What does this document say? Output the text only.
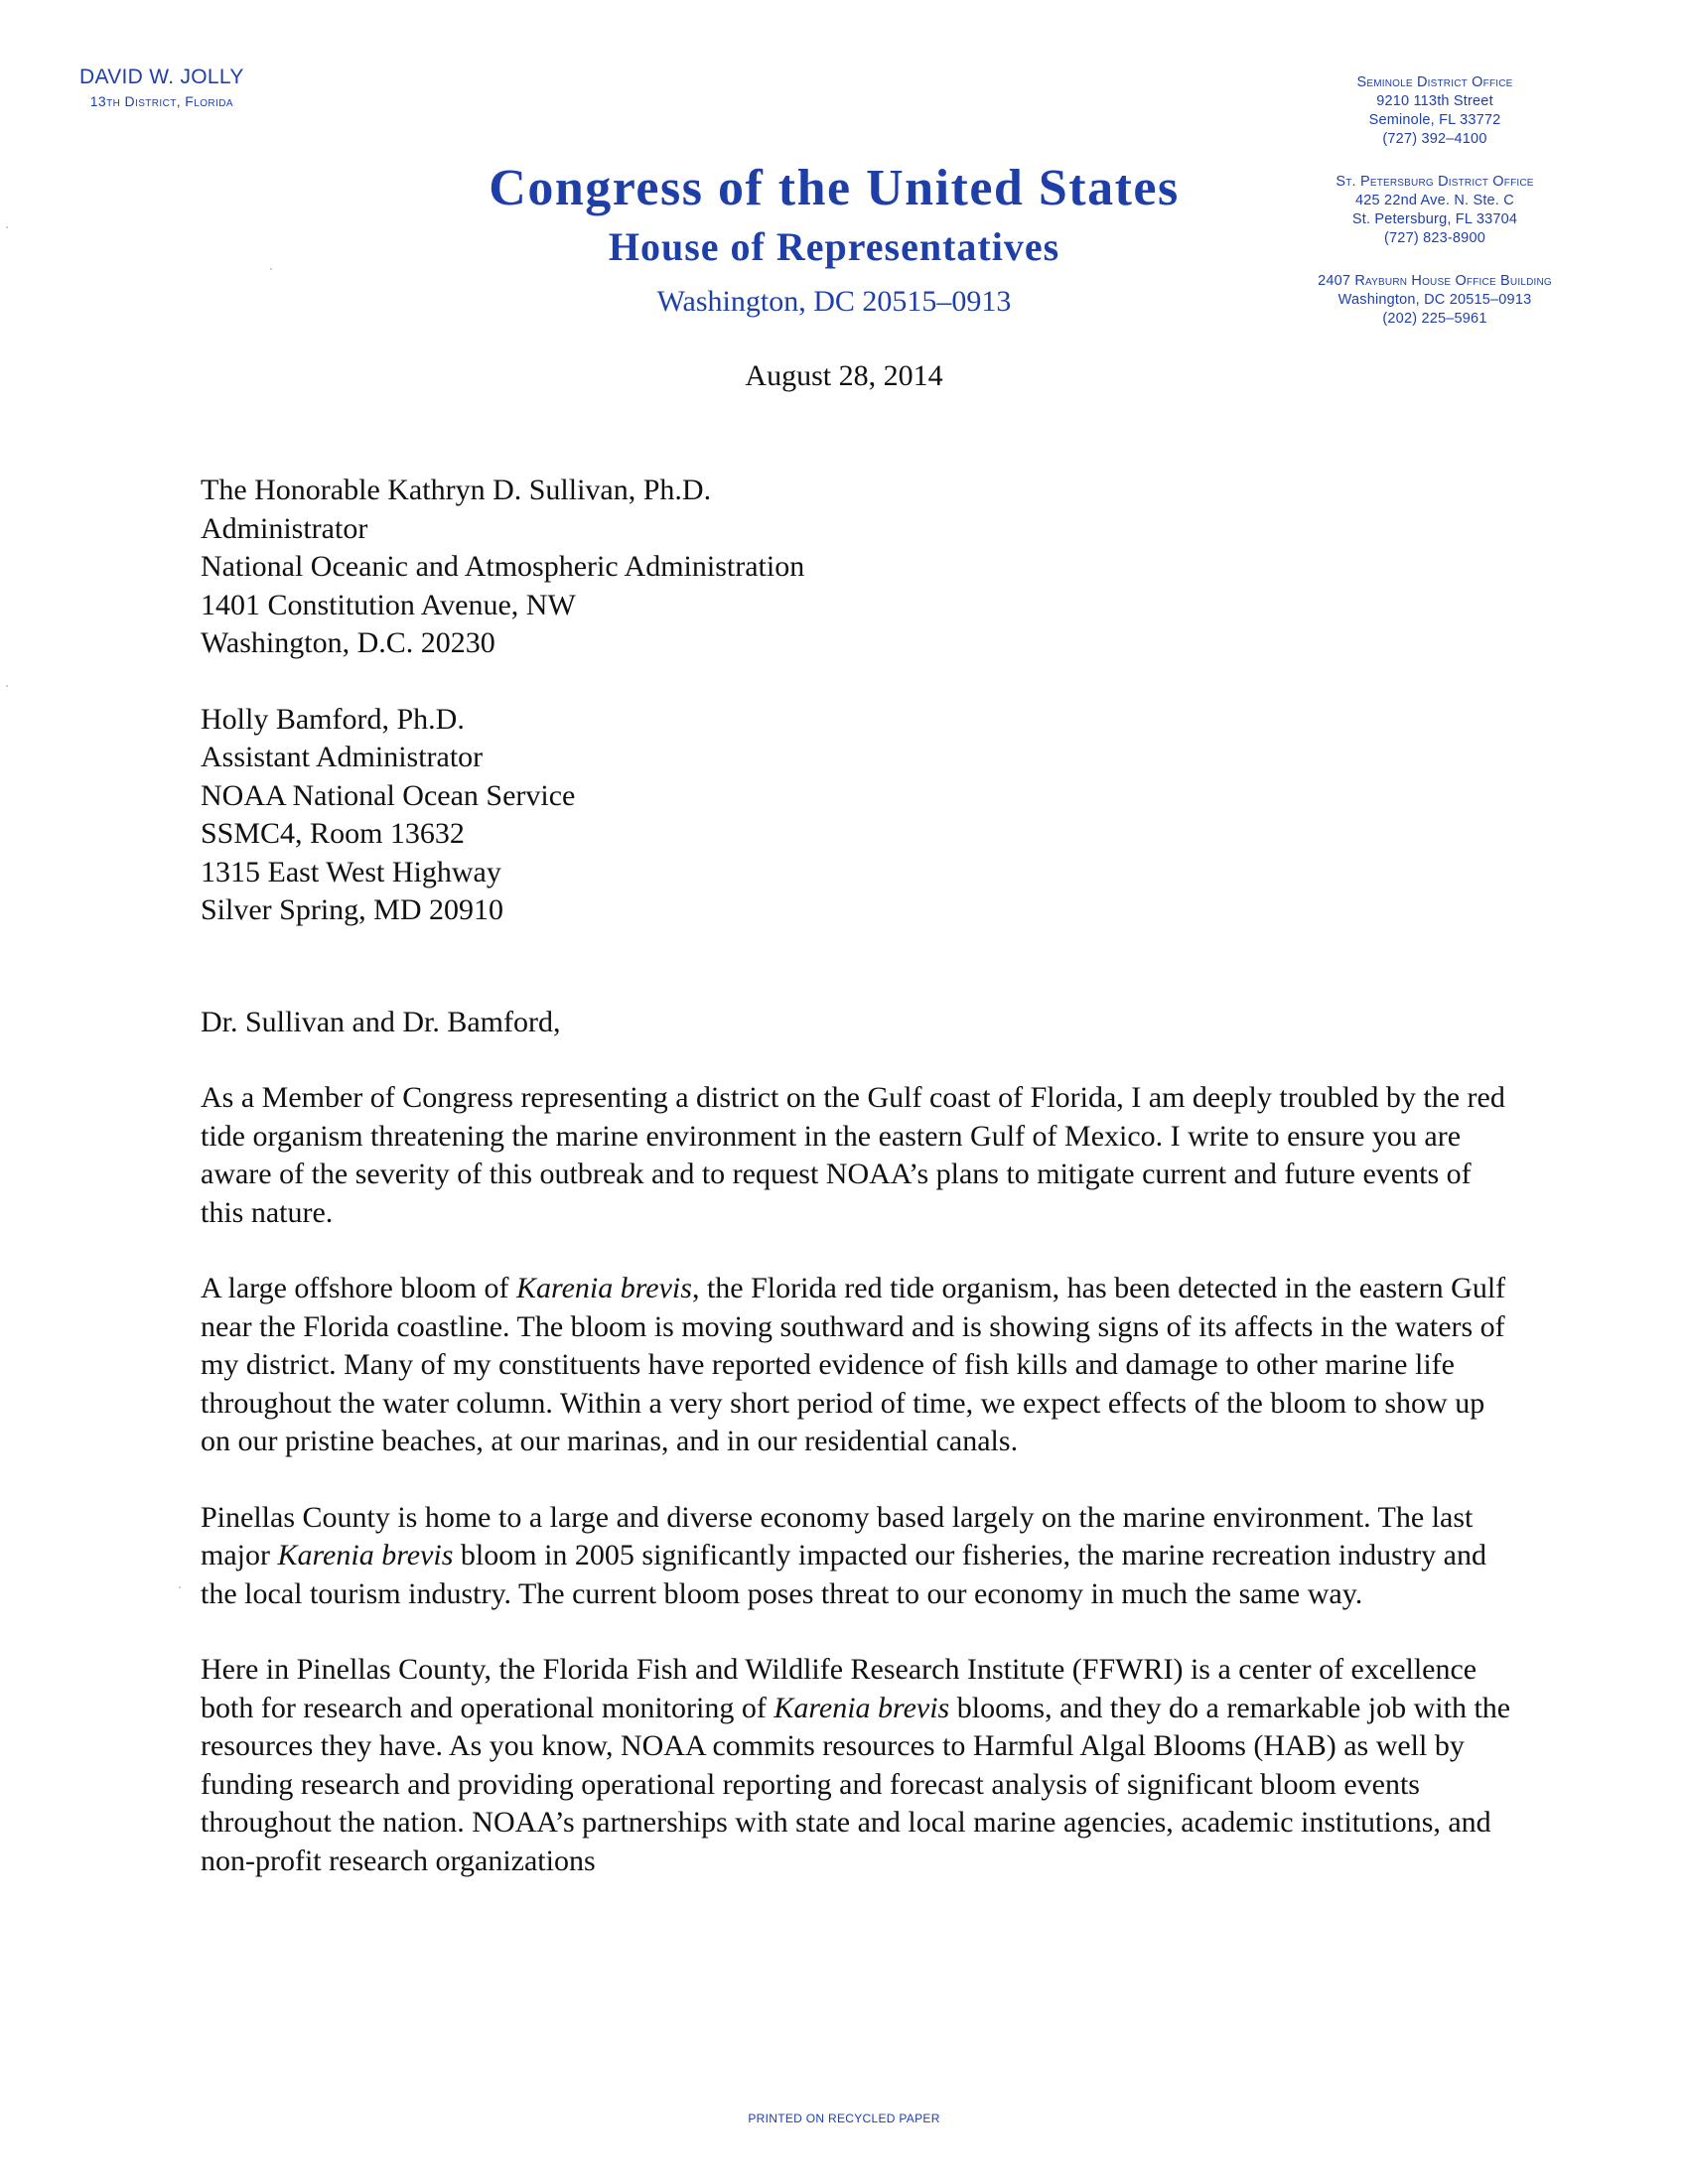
DAVID W. JOLLY
13th District, Florida
Congress of the United States
House of Representatives
Washington, DC 20515–0913
Seminole District Office
9210 113th Street
Seminole, FL 33772
(727) 392–4100
St. Petersburg District Office
425 22nd Ave. N. Ste. C
St. Petersburg, FL 33704
(727) 823-8900
2407 Rayburn House Office Building
Washington, DC 20515–0913
(202) 225–5961
August 28, 2014
The Honorable Kathryn D. Sullivan, Ph.D.
Administrator
National Oceanic and Atmospheric Administration
1401 Constitution Avenue, NW
Washington, D.C. 20230
Holly Bamford, Ph.D.
Assistant Administrator
NOAA National Ocean Service
SSMC4, Room 13632
1315 East West Highway
Silver Spring, MD 20910
Dr. Sullivan and Dr. Bamford,
As a Member of Congress representing a district on the Gulf coast of Florida, I am deeply troubled by the red tide organism threatening the marine environment in the eastern Gulf of Mexico. I write to ensure you are aware of the severity of this outbreak and to request NOAA’s plans to mitigate current and future events of this nature.
A large offshore bloom of Karenia brevis, the Florida red tide organism, has been detected in the eastern Gulf near the Florida coastline. The bloom is moving southward and is showing signs of its affects in the waters of my district. Many of my constituents have reported evidence of fish kills and damage to other marine life throughout the water column. Within a very short period of time, we expect effects of the bloom to show up on our pristine beaches, at our marinas, and in our residential canals.
Pinellas County is home to a large and diverse economy based largely on the marine environment. The last major Karenia brevis bloom in 2005 significantly impacted our fisheries, the marine recreation industry and the local tourism industry. The current bloom poses threat to our economy in much the same way.
Here in Pinellas County, the Florida Fish and Wildlife Research Institute (FFWRI) is a center of excellence both for research and operational monitoring of Karenia brevis blooms, and they do a remarkable job with the resources they have. As you know, NOAA commits resources to Harmful Algal Blooms (HAB) as well by funding research and providing operational reporting and forecast analysis of significant bloom events throughout the nation. NOAA’s partnerships with state and local marine agencies, academic institutions, and non-profit research organizations
PRINTED ON RECYCLED PAPER
